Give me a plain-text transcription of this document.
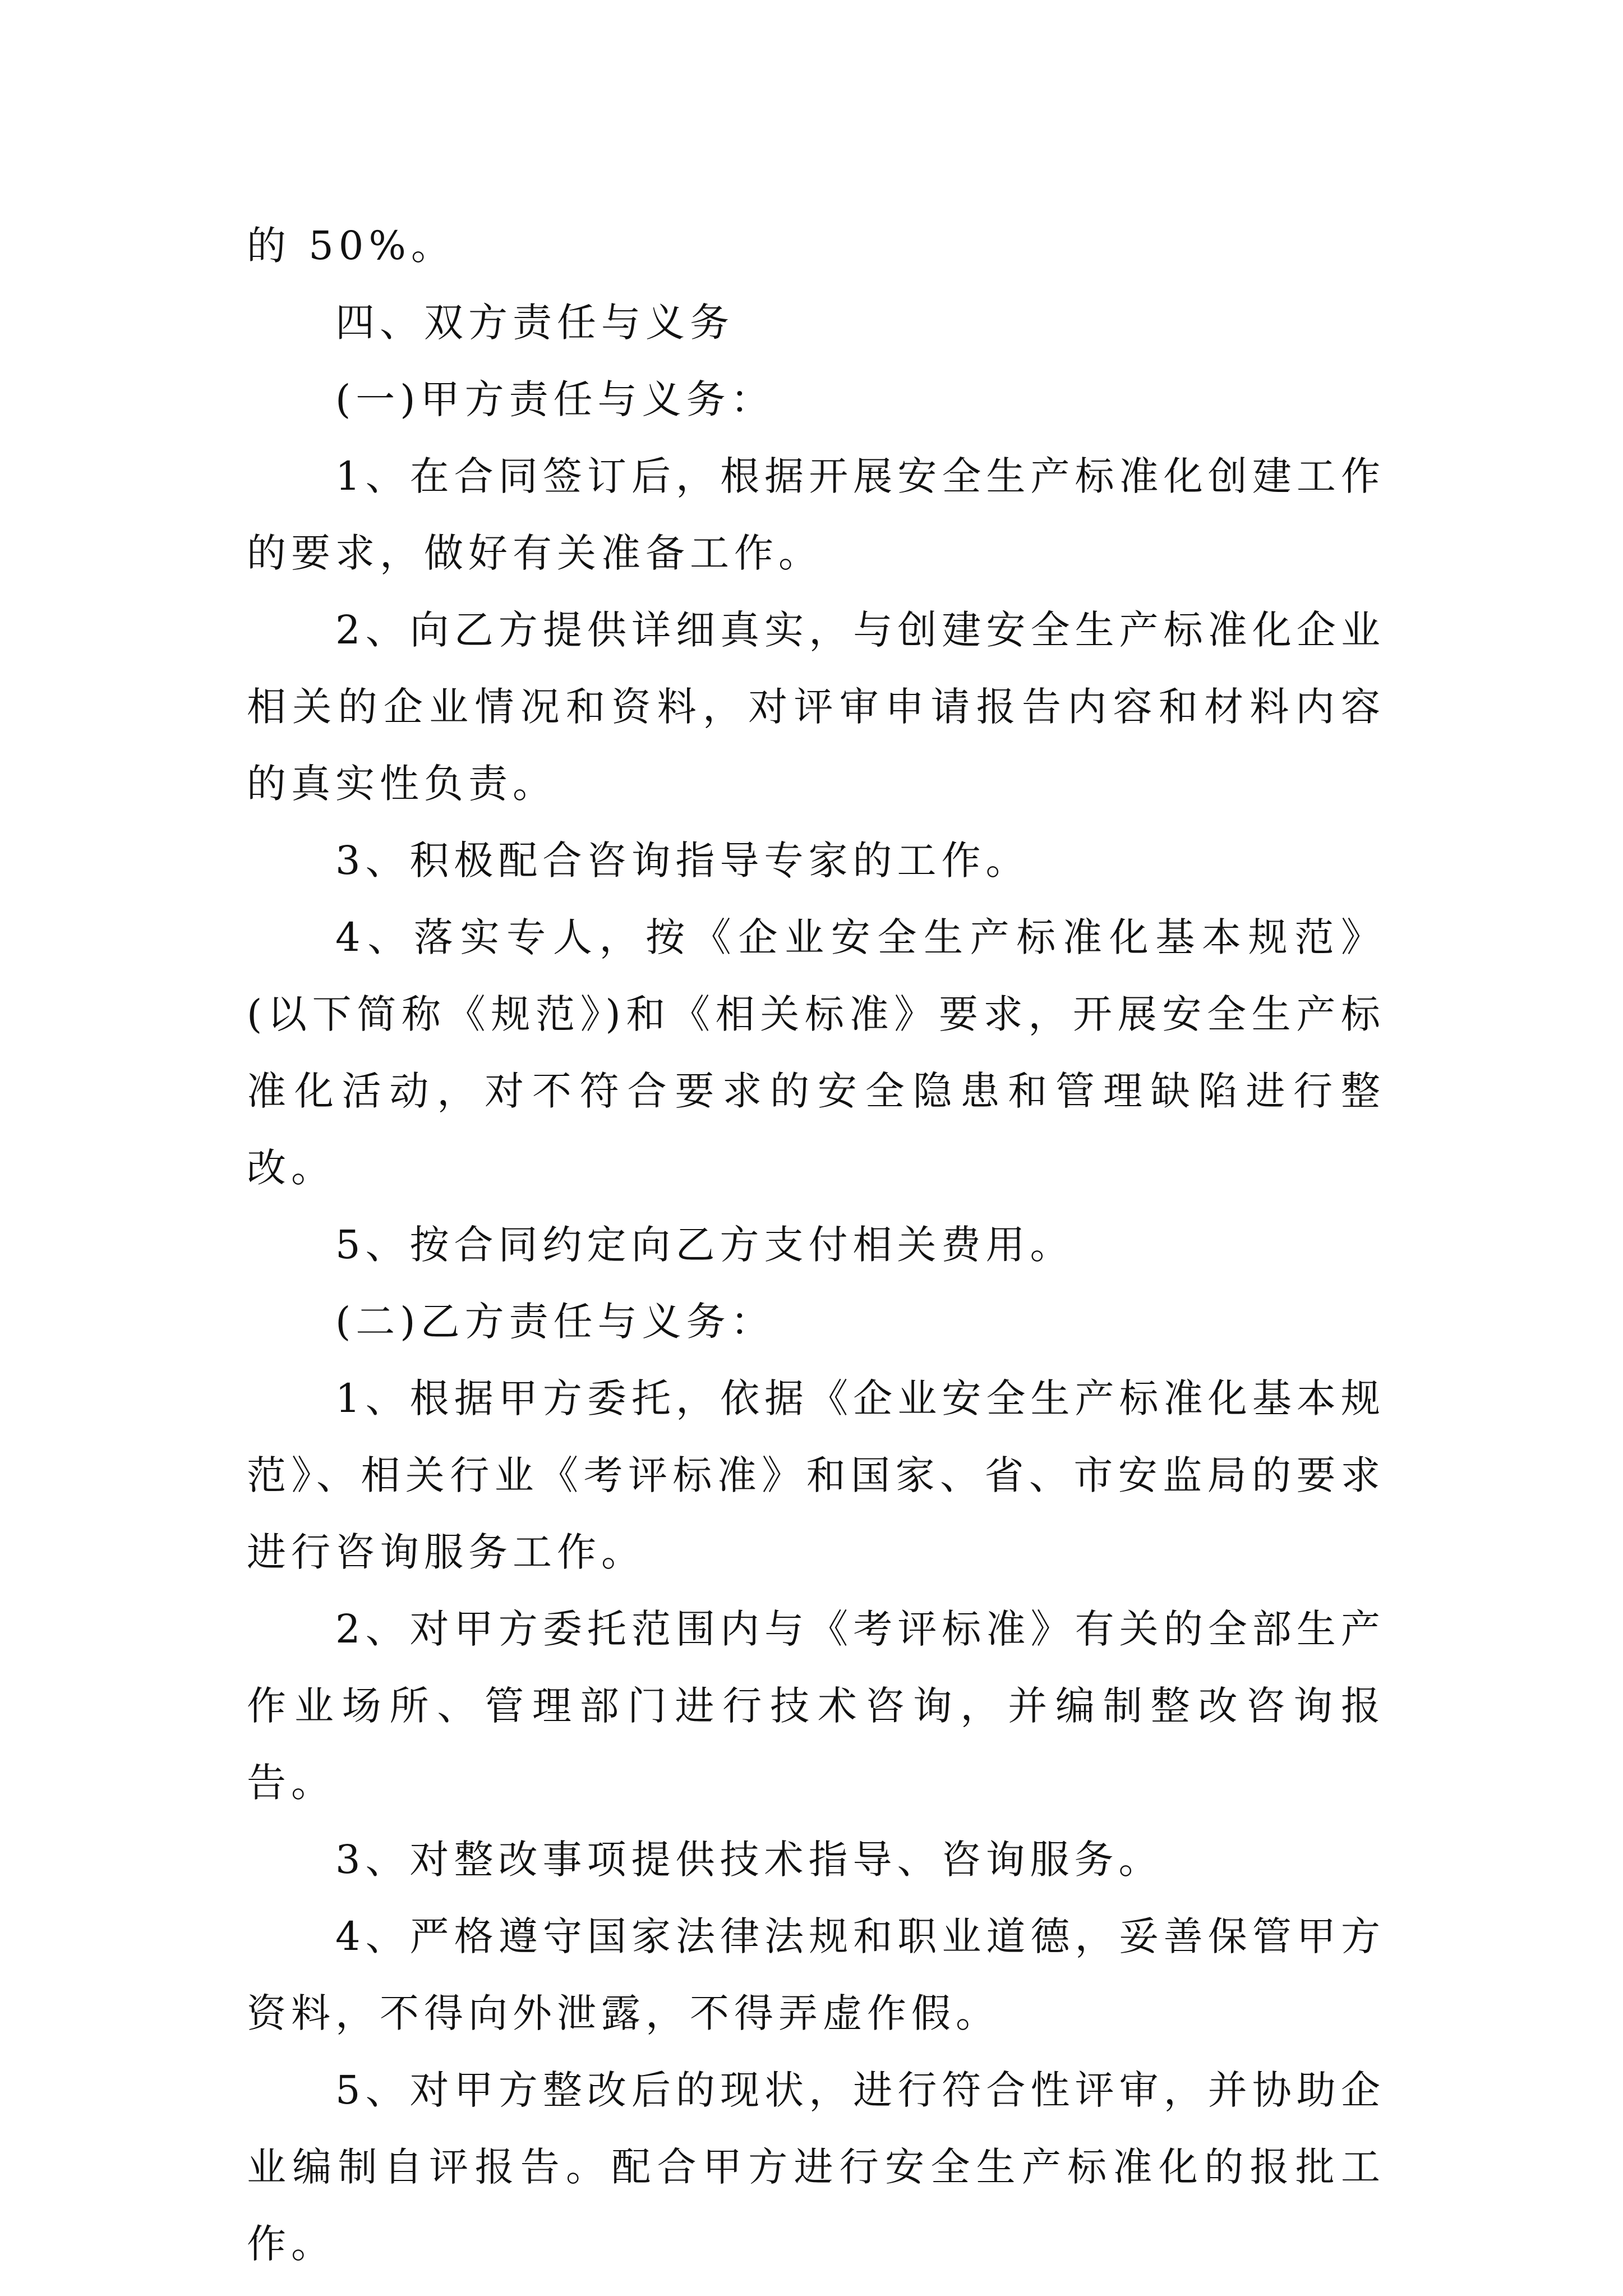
的 50%。

四、双方责任与义务

(一)甲方责任与义务：

1、在合同签订后，根据开展安全生产标准化创建工作的要求，做好有关准备工作。

2、向乙方提供详细真实，与创建安全生产标准化企业相关的企业情况和资料，对评审申请报告内容和材料内容的真实性负责。

3、积极配合咨询指导专家的工作。

4、落实专人，按《企业安全生产标准化基本规范》(以下简称《规范》)和《相关标准》要求，开展安全生产标准化活动，对不符合要求的安全隐患和管理缺陷进行整改。

5、按合同约定向乙方支付相关费用。

(二)乙方责任与义务：

1、根据甲方委托，依据《企业安全生产标准化基本规范》、相关行业《考评标准》和国家、省、市安监局的要求进行咨询服务工作。

2、对甲方委托范围内与《考评标准》有关的全部生产作业场所、管理部门进行技术咨询，并编制整改咨询报告。

3、对整改事项提供技术指导、咨询服务。

4、严格遵守国家法律法规和职业道德，妥善保管甲方资料，不得向外泄露，不得弄虚作假。

5、对甲方整改后的现状，进行符合性评审，并协助企业编制自评报告。配合甲方进行安全生产标准化的报批工作。
